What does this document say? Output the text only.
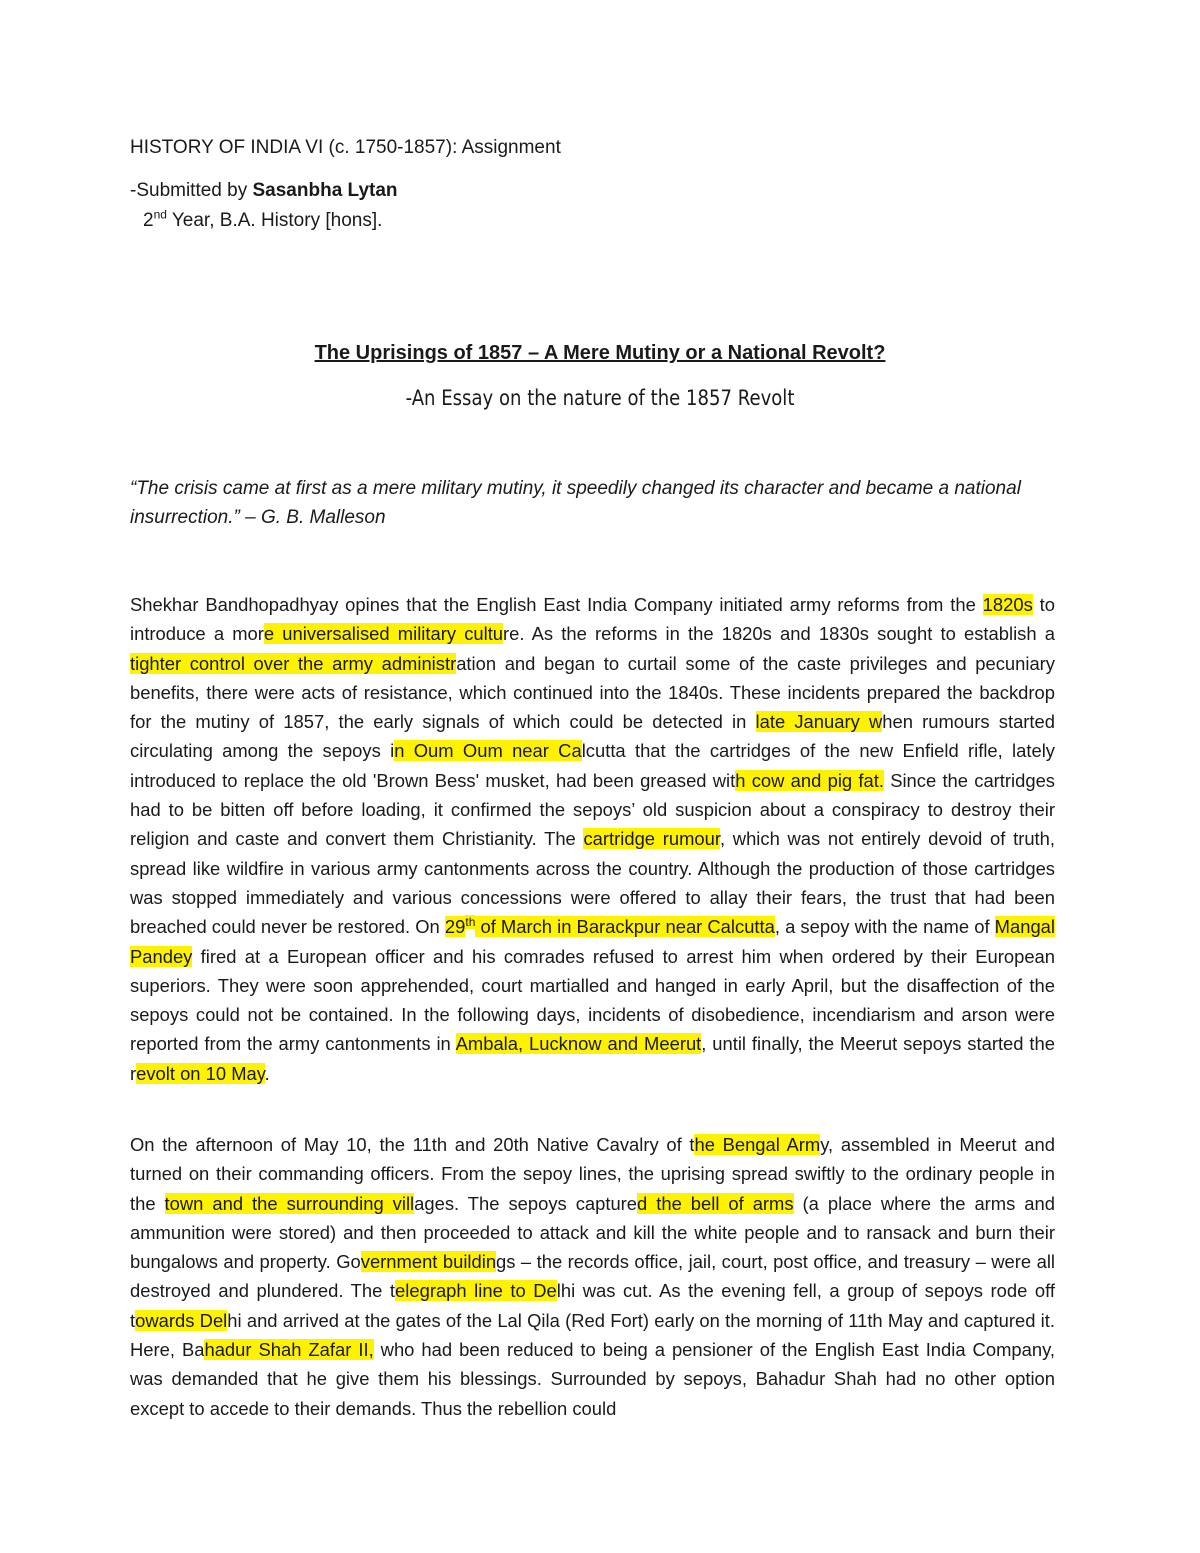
HISTORY OF INDIA VI (c. 1750-1857): Assignment
-Submitted by Sasanbha Lytan
2nd Year, B.A. History [hons].
The Uprisings of 1857 – A Mere Mutiny or a National Revolt?
-An Essay on the nature of the 1857 Revolt
“The crisis came at first as a mere military mutiny, it speedily changed its character and became a national insurrection.” – G. B. Malleson
Shekhar Bandhopadhyay opines that the English East India Company initiated army reforms from the 1820s to introduce a more universalised military culture. As the reforms in the 1820s and 1830s sought to establish a tighter control over the army administration and began to curtail some of the caste privileges and pecuniary benefits, there were acts of resistance, which continued into the 1840s. These incidents prepared the backdrop for the mutiny of 1857, the early signals of which could be detected in late January when rumours started circulating among the sepoys in Oum Oum near Calcutta that the cartridges of the new Enfield rifle, lately introduced to replace the old 'Brown Bess' musket, had been greased with cow and pig fat. Since the cartridges had to be bitten off before loading, it confirmed the sepoys’ old suspicion about a conspiracy to destroy their religion and caste and convert them Christianity. The cartridge rumour, which was not entirely devoid of truth, spread like wildfire in various army cantonments across the country. Although the production of those cartridges was stopped immediately and various concessions were offered to allay their fears, the trust that had been breached could never be restored. On 29th of March in Barackpur near Calcutta, a sepoy with the name of Mangal Pandey fired at a European officer and his comrades refused to arrest him when ordered by their European superiors. They were soon apprehended, court martialled and hanged in early April, but the disaffection of the sepoys could not be contained. In the following days, incidents of disobedience, incendiarism and arson were reported from the army cantonments in Ambala, Lucknow and Meerut, until finally, the Meerut sepoys started the revolt on 10 May.
On the afternoon of May 10, the 11th and 20th Native Cavalry of the Bengal Army, assembled in Meerut and turned on their commanding officers. From the sepoy lines, the uprising spread swiftly to the ordinary people in the town and the surrounding villages. The sepoys captured the bell of arms (a place where the arms and ammunition were stored) and then proceeded to attack and kill the white people and to ransack and burn their bungalows and property. Government buildings – the records office, jail, court, post office, and treasury – were all destroyed and plundered. The telegraph line to Delhi was cut. As the evening fell, a group of sepoys rode off towards Delhi and arrived at the gates of the Lal Qila (Red Fort) early on the morning of 11th May and captured it. Here, Bahadur Shah Zafar II, who had been reduced to being a pensioner of the English East India Company, was demanded that he give them his blessings. Surrounded by sepoys, Bahadur Shah had no other option except to accede to their demands. Thus the rebellion could
